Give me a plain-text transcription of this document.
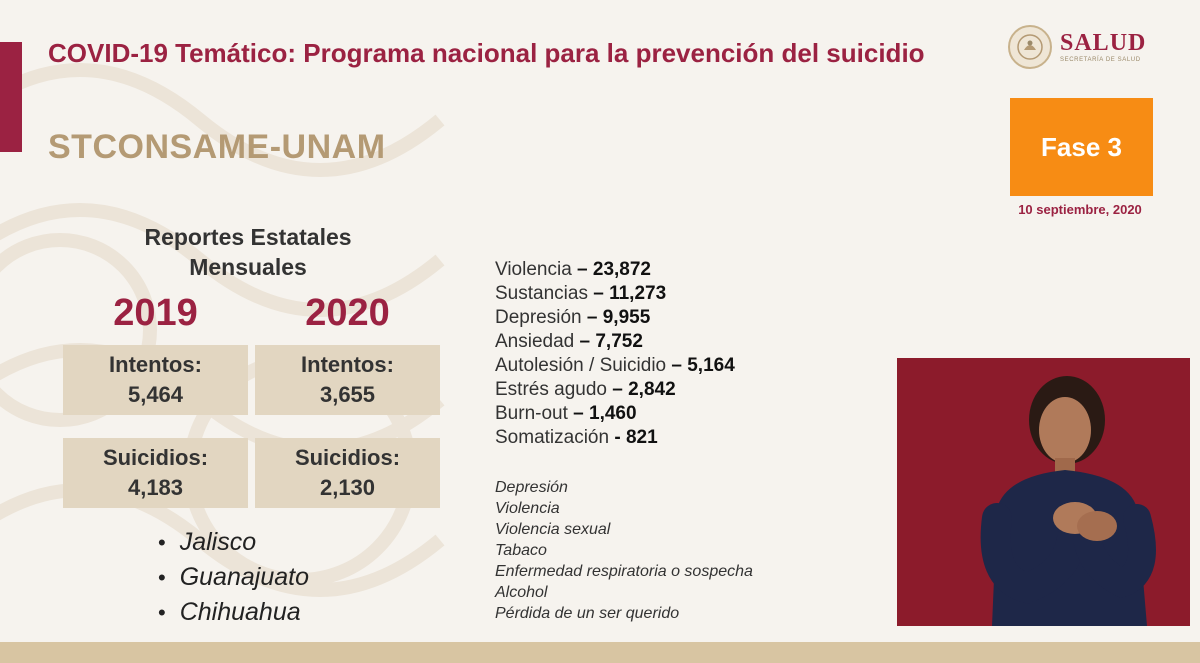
COVID-19 Temático: Programa nacional para la prevención del suicidio
STCONSAME-UNAM
SALUD
SECRETARÍA DE SALUD
Fase 3
10 septiembre, 2020
Reportes Estatales
Mensuales
2019	2020
Intentos:
5,464
Intentos:
3,655
Suicidios:
4,183
Suicidios:
2,130
• Jalisco
• Guanajuato
• Chihuahua
Violencia – 23,872
Sustancias – 11,273
Depresión – 9,955
Ansiedad – 7,752
Autolesión / Suicidio – 5,164
Estrés agudo – 2,842
Burn-out – 1,460
Somatización - 821
Depresión
Violencia
Violencia sexual
Tabaco
Enfermedad respiratoria o sospecha
Alcohol
Pérdida de un ser querido
